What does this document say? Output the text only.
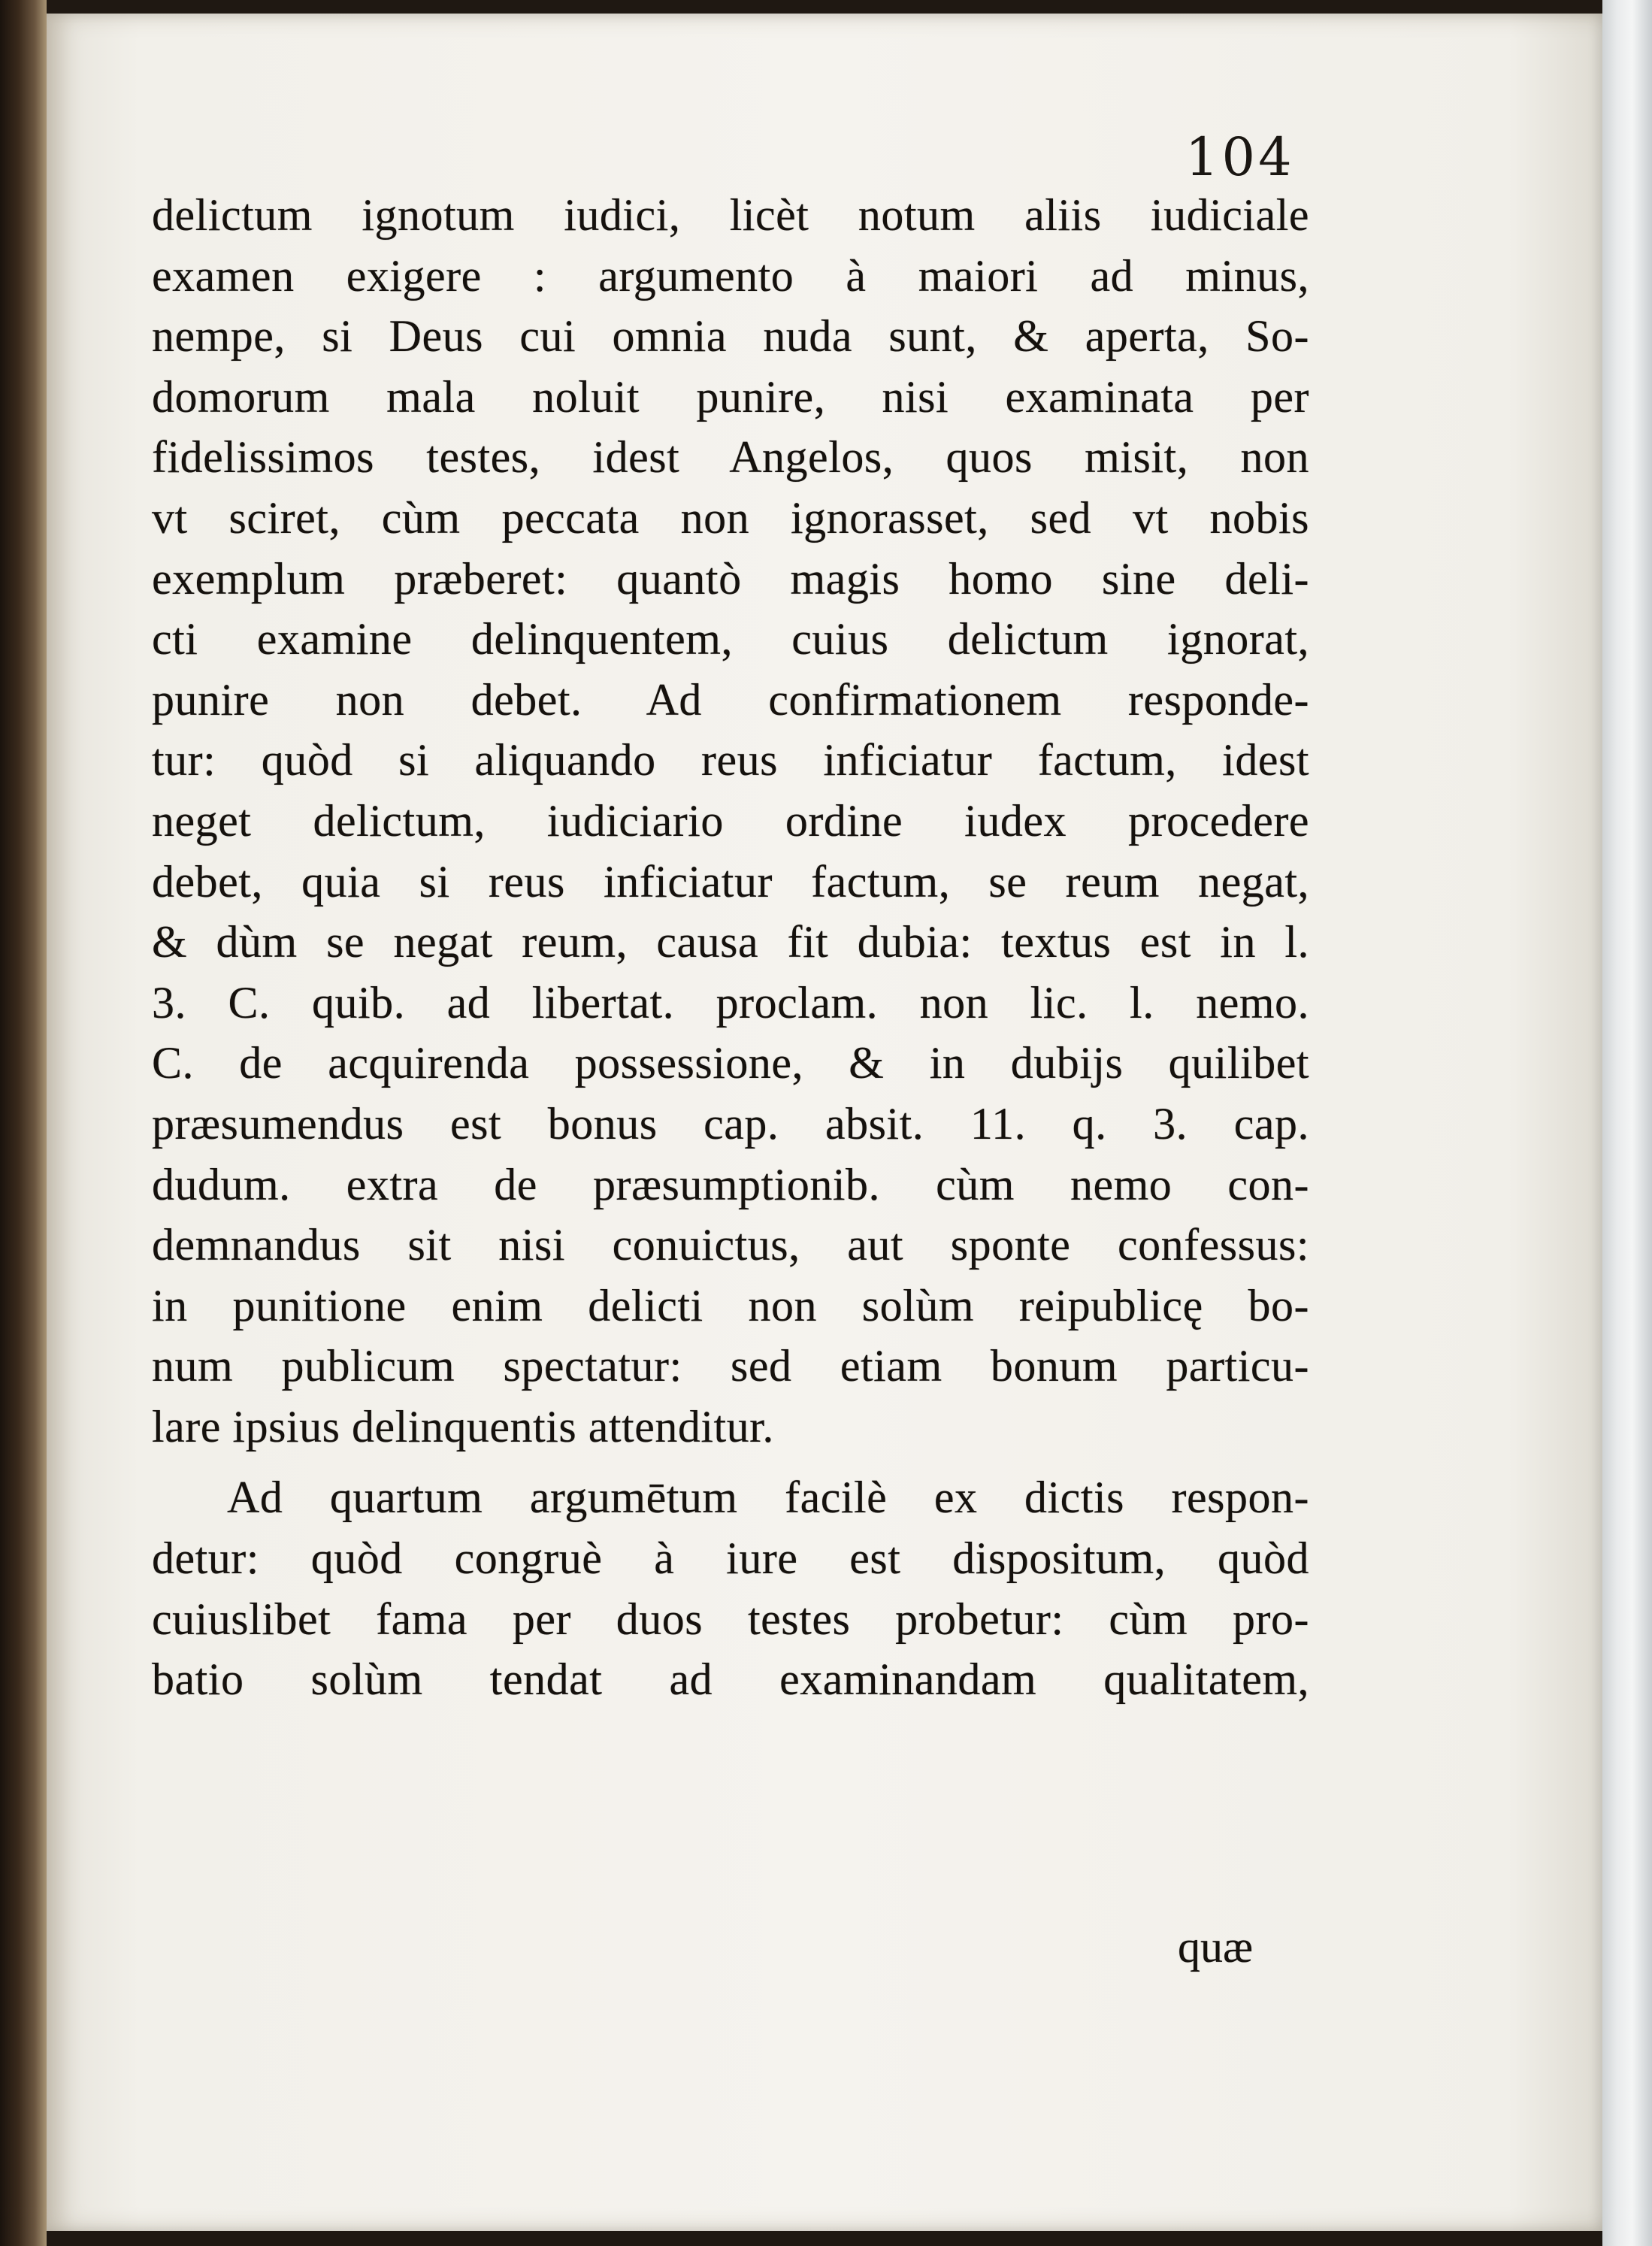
104
delictum ignotum iudici, licèt notum aliis iudiciale
examen exigere : argumento à maiori ad minus,
nempe, si Deus cui omnia nuda sunt, & aperta, So-
domorum mala noluit punire, nisi examinata per
fidelissimos testes, idest Angelos, quos misit, non
vt sciret, cùm peccata non ignorasset, sed vt nobis
exemplum præberet: quantò magis homo sine deli-
cti examine delinquentem, cuius delictum ignorat,
punire non debet. Ad confirmationem responde-
tur: quòd si aliquando reus inficiatur factum, idest
neget delictum, iudiciario ordine iudex procedere
debet, quia si reus inficiatur factum, se reum negat,
& dùm se negat reum, causa fit dubia: textus est in l.
3. C. quib. ad libertat. proclam. non lic. l. nemo.
C. de acquirenda possessione, & in dubijs quilibet
præsumendus est bonus cap. absit. 11. q. 3. cap.
dudum. extra de præsumptionib. cùm nemo con-
demnandus sit nisi conuictus, aut sponte confessus:
in punitione enim delicti non solùm reipublicę bo-
num publicum spectatur: sed etiam bonum particu-
lare ipsius delinquentis attenditur.
Ad quartum argumētum facilè ex dictis respon-
detur: quòd congruè à iure est dispositum, quòd
cuiuslibet fama per duos testes probetur: cùm pro-
batio solùm tendat ad examinandam qualitatem,
quæ
